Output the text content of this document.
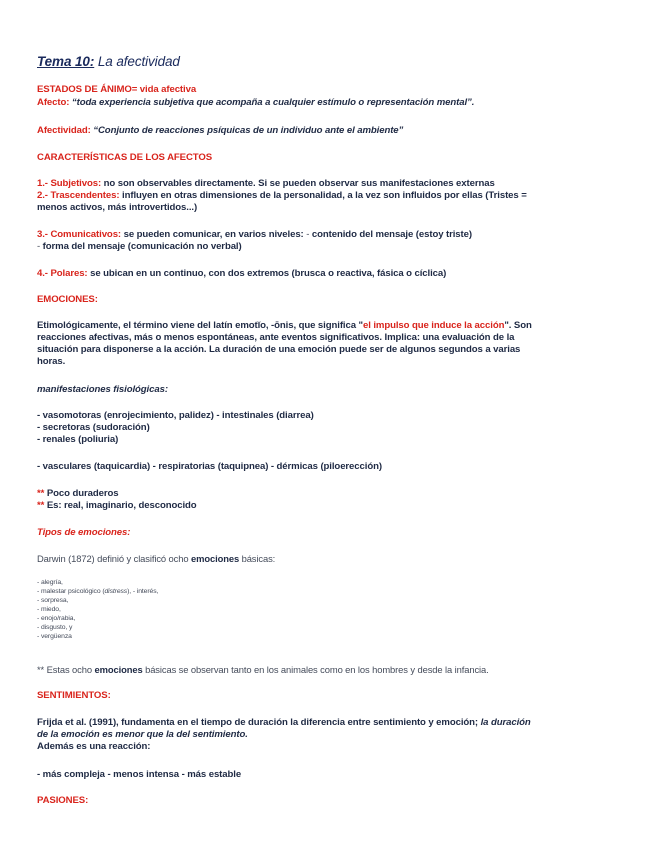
Tema 10: La afectividad
ESTADOS DE ÁNIMO= vida afectiva
Afecto: “toda experiencia subjetiva que acompaña a cualquier estímulo o representación mental”.
Afectividad: “Conjunto de reacciones psíquicas de un individuo ante el ambiente”
CARACTERÍSTICAS DE LOS AFECTOS
1.- Subjetivos: no son observables directamente. Si se pueden observar sus manifestaciones externas
2.- Trascendentes: influyen en otras dimensiones de la personalidad, a la vez son influidos por ellas (Tristes =
menos activos, más introvertidos...)
3.- Comunicativos: se pueden comunicar, en varios niveles: - contenido del mensaje (estoy triste)
- forma del mensaje (comunicación no verbal)
4.- Polares: se ubican en un continuo, con dos extremos (brusca o reactiva, fásica o cíclica)
EMOCIONES:
Etimológicamente, el término viene del latín emotĭo, -ōnis, que significa "el impulso que induce la acción". Son
reacciones afectivas, más o menos espontáneas, ante eventos significativos. Implica: una evaluación de la
situación para disponerse a la acción. La duración de una emoción puede ser de algunos segundos a varias
horas.
manifestaciones fisiológicas:
- vasomotoras (enrojecimiento, palidez) - intestinales (diarrea)
- secretoras (sudoración)
- renales (poliuria)
- vasculares (taquicardia) - respiratorias (taquipnea) - dérmicas (piloerección)
** Poco duraderos
** Es: real, imaginario, desconocido
Tipos de emociones:
Darwin (1872) definió y clasificó ocho emociones básicas:
- alegría,
- malestar psicológico (distress), - interés,
- sorpresa,
- miedo,
- enojo/rabia,
- disgusto, y
- vergüenza
** Estas ocho emociones básicas se observan tanto en los animales como en los hombres y desde la infancia.
SENTIMIENTOS:
Frijda et al. (1991), fundamenta en el tiempo de duración la diferencia entre sentimiento y emoción; la duración
de la emoción es menor que la del sentimiento.
Además es una reacción:
- más compleja - menos intensa - más estable
PASIONES:
